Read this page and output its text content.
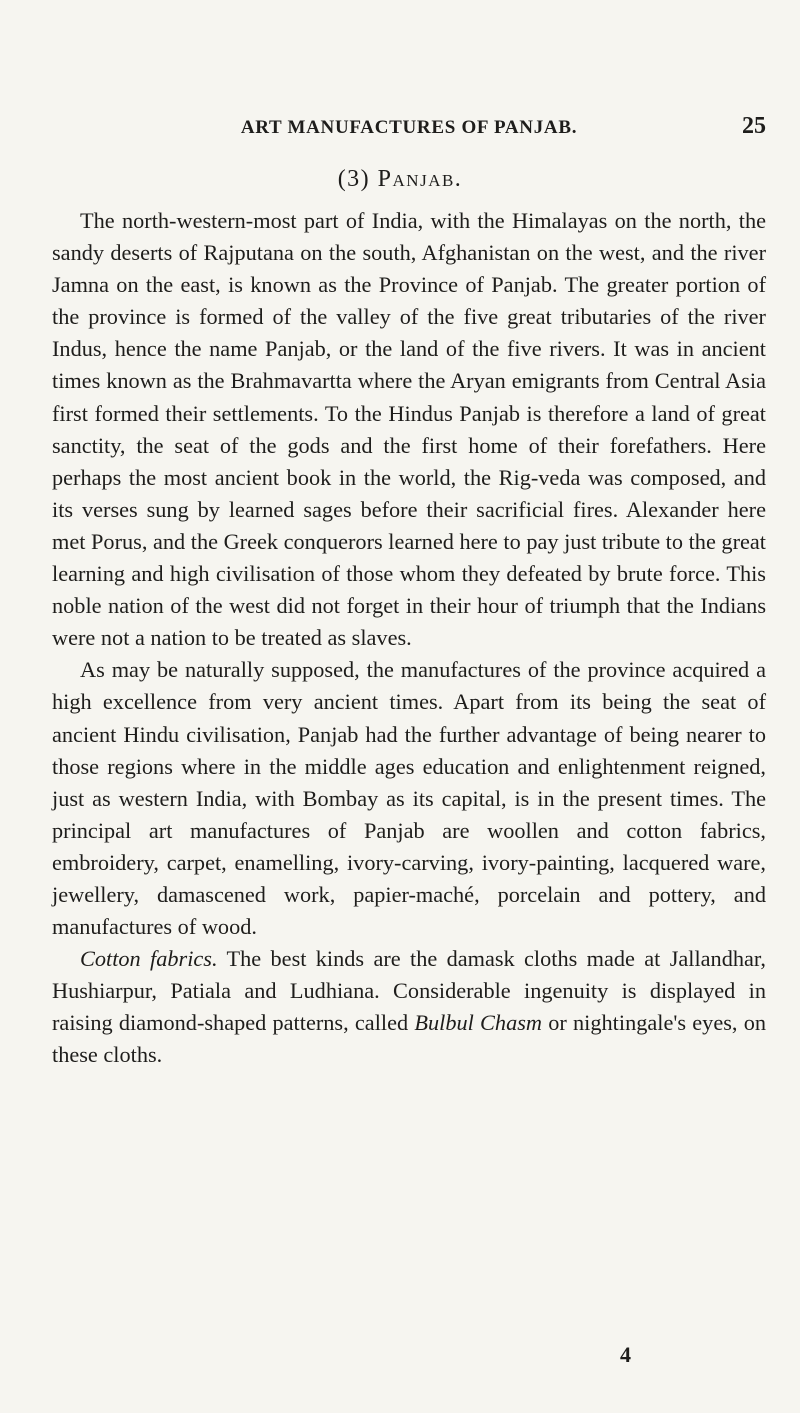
ART MANUFACTURES OF PANJAB.	25
(3) Panjab.

The north-western-most part of India, with the Himalayas on the north, the sandy deserts of Rajputana on the south, Afghanistan on the west, and the river Jamna on the east, is known as the Province of Panjab. The greater portion of the province is formed of the valley of the five great tributaries of the river Indus, hence the name Panjab, or the land of the five rivers. It was in ancient times known as the Brahmavartta where the Aryan emigrants from Central Asia first formed their settlements. To the Hindus Panjab is therefore a land of great sanctity, the seat of the gods and the first home of their forefathers. Here perhaps the most ancient book in the world, the Rig-veda was composed, and its verses sung by learned sages before their sacrificial fires. Alexander here met Porus, and the Greek conquerors learned here to pay just tribute to the great learning and high civilisation of those whom they defeated by brute force. This noble nation of the west did not forget in their hour of triumph that the Indians were not a nation to be treated as slaves.

As may be naturally supposed, the manufactures of the province acquired a high excellence from very ancient times. Apart from its being the seat of ancient Hindu civilisation, Panjab had the further advantage of being nearer to those regions where in the middle ages education and enlightenment reigned, just as western India, with Bombay as its capital, is in the present times. The principal art manufactures of Panjab are woollen and cotton fabrics, embroidery, carpet, enamelling, ivory-carving, ivory-painting, lacquered ware, jewellery, damascened work, papier-maché, porcelain and pottery, and manufactures of wood.

Cotton fabrics. The best kinds are the damask cloths made at Jallandhar, Hushiarpur, Patiala and Ludhiana. Considerable ingenuity is displayed in raising diamond-shaped patterns, called Bulbul Chasm or nightingale's eyes, on these cloths.

4
